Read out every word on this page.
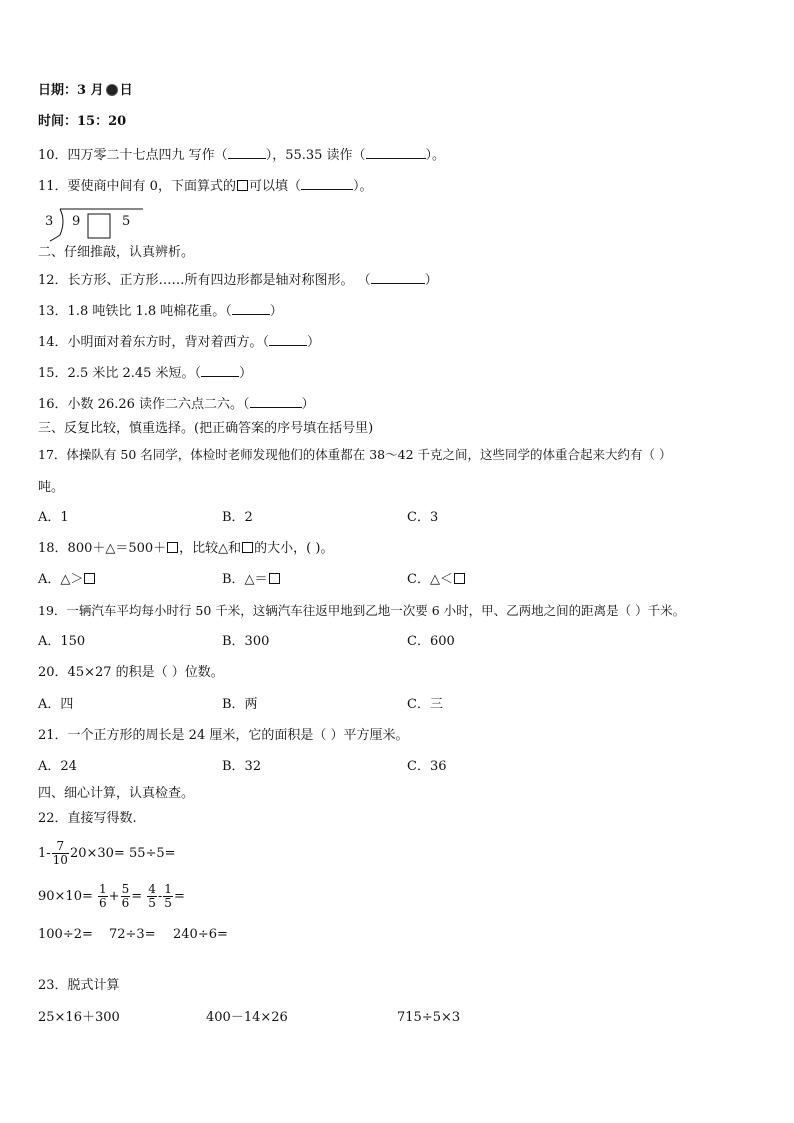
日期：3 月 日
时间：15：20
10．四万零二十七点四九 写作（	），55.35 读作（	）。
11．要使商中间有 0，下面算式的 可以填（	）。
3 9	5
二、仔细推敲，认真辨析。
12．长方形、正方形……所有四边形都是轴对称图形。 （	）
13．1.8 吨铁比 1.8 吨棉花重。（	）
14．小明面对着东方时，背对着西方。（	）
15．2.5 米比 2.45 米短。（	）
16．小数 26.26 读作二六点二六。（	）
三、反复比较，慎重选择。(把正确答案的序号填在括号里)
17．体操队有 50 名同学，体检时老师发现他们的体重都在 38～42 千克之间，这些同学的体重合起来大约有（ ）
吨。
A．1	B．2	C．3
18．800＋△＝500＋ ，比较△和 的大小，( )。
A．△＞	B．△＝	C．△＜
19．一辆汽车平均每小时行 50 千米，这辆汽车往返甲地到乙地一次要 6 小时，甲、乙两地之间的距离是（ ）千米。
A．150	B．300	C．600
20．45×27 的积是（ ）位数。
A．四	B．两	C．三
21．一个正方形的周长是 24 厘米，它的面积是（ ）平方厘米。
A．24	B．32	C．36
四、细心计算，认真检查。
22．直接写得数.
$1- \frac{7}{10} 20\times 30= 55\div 5=$
$90\times 10= \frac{1}{6} + \frac{5}{6} = \frac{4}{5} - \frac{1}{5}$ =
100÷2= 72÷3= 240÷6=
23．脱式计算
25×16＋300	400－14×26	715÷5×3
